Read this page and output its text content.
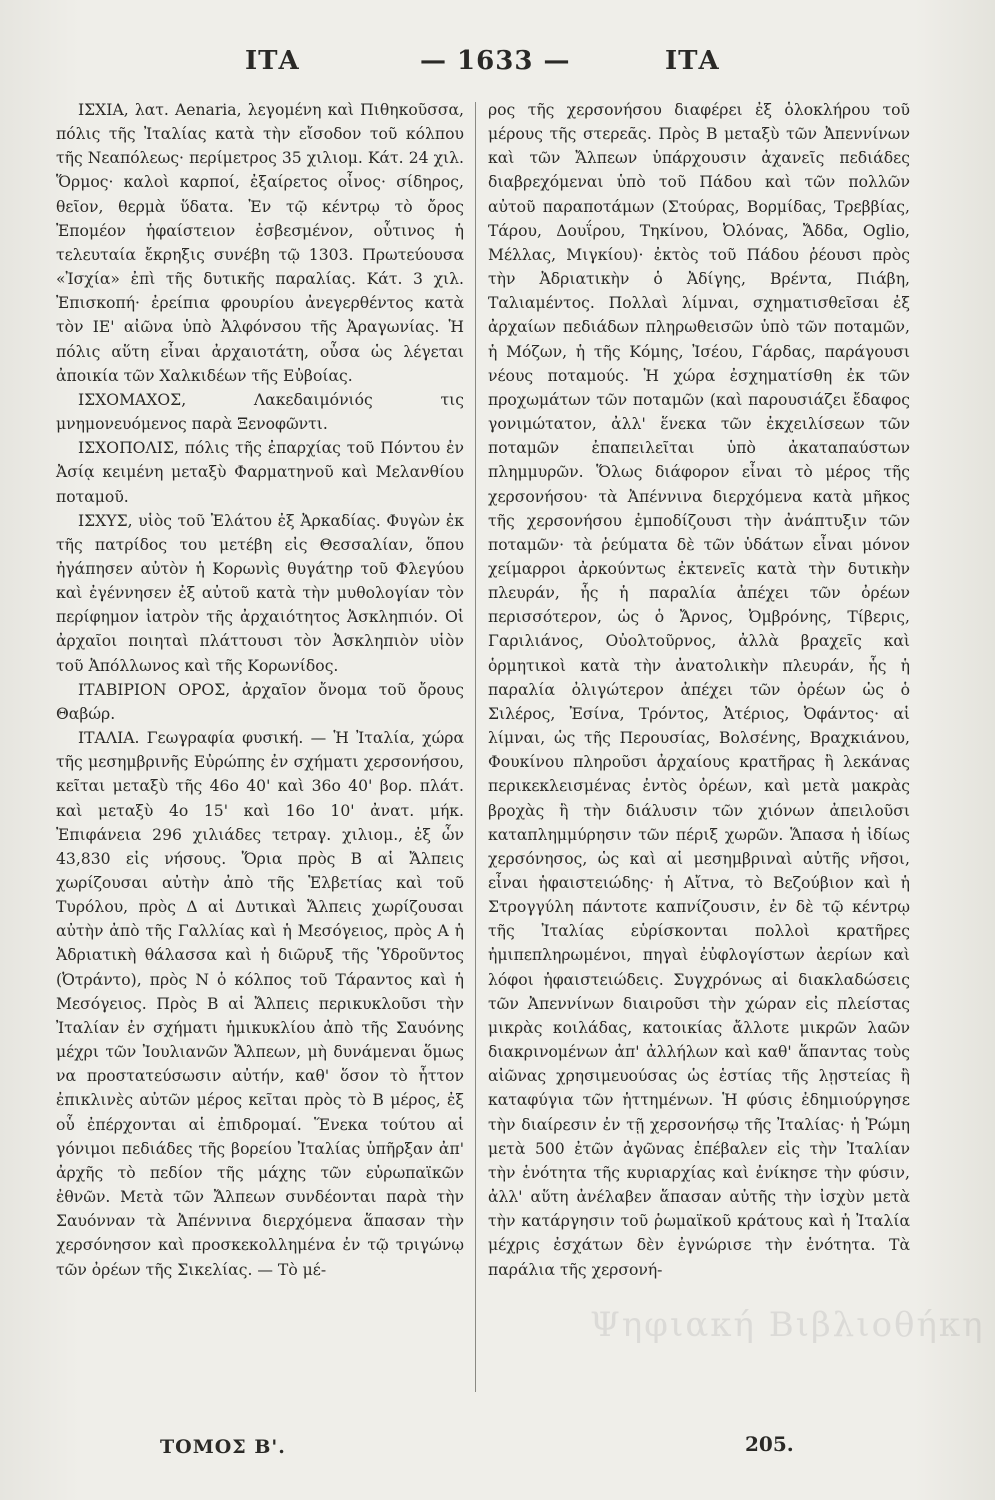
ΙΤΑ	— 1633 —	ΙΤΑ

ΙΣΧΙΑ, λατ. Aenaria, λεγομένη καὶ Πιθηκοῦσσα, πόλις τῆς Ἰταλίας κατὰ τὴν εἴσοδον τοῦ κόλπου τῆς Νεαπόλεως· περίμετρος 35 χιλιομ. Κάτ. 24 χιλ. Ὅρμος· καλοὶ καρποί, ἐξαίρετος οἶνος· σίδηρος, θεῖον, θερμὰ ὕδατα. Ἐν τῷ κέντρῳ τὸ ὄρος Ἐπομέον ἡφαίστειον ἐσβεσμένον, οὗτινος ἡ τελευταία ἔκρηξις συνέβη τῷ 1303. Πρωτεύουσα «Ἰσχία» ἐπὶ τῆς δυτικῆς παραλίας. Κάτ. 3 χιλ. Ἐπισκοπή· ἐρείπια φρουρίου ἀνεγερθέντος κατὰ τὸν ΙΕ' αἰῶνα ὑπὸ Ἀλφόνσου τῆς Ἀραγωνίας. Ἡ πόλις αὕτη εἶναι ἀρχαιοτάτη, οὖσα ὡς λέγεται ἀποικία τῶν Χαλκιδέων τῆς Εὐβοίας.

ΙΣΧΟΜΑΧΟΣ, Λακεδαιμόνιός τις μνημονευόμενος παρὰ Ξενοφῶντι.

ΙΣΧΟΠΟΛΙΣ, πόλις τῆς ἐπαρχίας τοῦ Πόντου ἐν Ἀσίᾳ κειμένη μεταξὺ Φαρματηνοῦ καὶ Μελανθίου ποταμοῦ.

ΙΣΧΥΣ, υἱὸς τοῦ Ἐλάτου ἐξ Ἀρκαδίας. Φυγὼν ἐκ τῆς πατρίδος του μετέβη εἰς Θεσσαλίαν, ὅπου ἠγάπησεν αὐτὸν ἡ Κορωνὶς θυγάτηρ τοῦ Φλεγύου καὶ ἐγέννησεν ἐξ αὐτοῦ κατὰ τὴν μυθολογίαν τὸν περίφημον ἰατρὸν τῆς ἀρχαιότητος Ἀσκληπιόν. Οἱ ἀρχαῖοι ποιηταὶ πλάττουσι τὸν Ἀσκληπιὸν υἱὸν τοῦ Ἀπόλλωνος καὶ τῆς Κορωνίδος.

ΙΤΑΒΙΡΙΟΝ ΟΡΟΣ, ἀρχαῖον ὄνομα τοῦ ὄρους Θαβώρ.

ΙΤΑΛΙΑ. Γεωγραφία φυσική. — Ἡ Ἰταλία, χώρα τῆς μεσημβρινῆς Εὐρώπης ἐν σχήματι χερσονήσου, κεῖται μεταξὺ τῆς 46ο 40' καὶ 36ο 40' βορ. πλάτ. καὶ μεταξὺ 4ο 15' καὶ 16ο 10' ἀνατ. μήκ. Ἐπιφάνεια 296 χιλιάδες τετραγ. χιλιομ., ἐξ ὧν 43,830 εἰς νήσους. Ὅρια πρὸς Β αἱ Ἄλπεις χωρίζουσαι αὐτὴν ἀπὸ τῆς Ἑλβετίας καὶ τοῦ Τυρόλου, πρὸς Δ αἱ Δυτικαὶ Ἄλπεις χωρίζουσαι αὐτὴν ἀπὸ τῆς Γαλλίας καὶ ἡ Μεσόγειος, πρὸς Α ἡ Ἀδριατικὴ θάλασσα καὶ ἡ διῶρυξ τῆς Ὑδροῦντος (Ὀτράντο), πρὸς Ν ὁ κόλπος τοῦ Τάραντος καὶ ἡ Μεσόγειος. Πρὸς Β αἱ Ἄλπεις περικυκλοῦσι τὴν Ἰταλίαν ἐν σχήματι ἡμικυκλίου ἀπὸ τῆς Σαυόνης μέχρι τῶν Ἰουλιανῶν Ἄλπεων, μὴ δυνάμεναι ὅμως να προστατεύσωσιν αὐτήν, καθ' ὅσον τὸ ἧττον ἐπικλινὲς αὐτῶν μέρος κεῖται πρὸς τὸ Β μέρος, ἐξ οὗ ἐπέρχονται αἱ ἐπιδρομαί. Ἕνεκα τούτου αἱ γόνιμοι πεδιάδες τῆς βορείου Ἰταλίας ὑπῆρξαν ἀπ' ἀρχῆς τὸ πεδίον τῆς μάχης τῶν εὐρωπαϊκῶν ἐθνῶν. Μετὰ τῶν Ἄλπεων συνδέονται παρὰ τὴν Σαυόνναν τὰ Ἀπέννινα διερχόμενα ἅπασαν τὴν χερσόνησον καὶ προσκεκολλημένα ἐν τῷ τριγώνῳ τῶν ὀρέων τῆς Σικελίας. — Τὸ μέ-

ρος τῆς χερσονήσου διαφέρει ἐξ ὁλοκλήρου τοῦ μέρους τῆς στερεᾶς. Πρὸς Β μεταξὺ τῶν Ἀπεννίνων καὶ τῶν Ἄλπεων ὑπάρχουσιν ἀχανεῖς πεδιάδες διαβρεχόμεναι ὑπὸ τοῦ Πάδου καὶ τῶν πολλῶν αὐτοῦ παραποτάμων (Στούρας, Βορμίδας, Τρεββίας, Τάρου, Δουΐρου, Τηκίνου, Ὀλόνας, Ἄδδα, Oglio, Μέλλας, Μιγκίου)· ἐκτὸς τοῦ Πάδου ῥέουσι πρὸς τὴν Ἀδριατικὴν ὁ Ἀδίγης, Βρέντα, Πιάβη, Ταλιαμέντος. Πολλαὶ λίμναι, σχηματισθεῖσαι ἐξ ἀρχαίων πεδιάδων πληρωθεισῶν ὑπὸ τῶν ποταμῶν, ἡ Μόζων, ἡ τῆς Κόμης, Ἰσέου, Γάρδας, παράγουσι νέους ποταμούς. Ἡ χώρα ἐσχηματίσθη ἐκ τῶν προχωμάτων τῶν ποταμῶν (καὶ παρουσιάζει ἔδαφος γονιμώτατον, ἀλλ' ἕνεκα τῶν ἐκχειλίσεων τῶν ποταμῶν ἐπαπειλεῖται ὑπὸ ἀκαταπαύστων πλημμυρῶν. Ὅλως διάφορον εἶναι τὸ μέρος τῆς χερσονήσου· τὰ Ἀπέννινα διερχόμενα κατὰ μῆκος τῆς χερσονήσου ἐμποδίζουσι τὴν ἀνάπτυξιν τῶν ποταμῶν· τὰ ῥεύματα δὲ τῶν ὑδάτων εἶναι μόνον χείμαρροι ἀρκούντως ἐκτενεῖς κατὰ τὴν δυτικὴν πλευράν, ἧς ἡ παραλία ἀπέχει τῶν ὀρέων περισσότερον, ὡς ὁ Ἄρνος, Ὀμβρόνης, Τίβερις, Γαριλιάνος, Οὐολτοῦρνος, ἀλλὰ βραχεῖς καὶ ὁρμητικοὶ κατὰ τὴν ἀνατολικὴν πλευράν, ἧς ἡ παραλία ὀλιγώτερον ἀπέχει τῶν ὀρέων ὡς ὁ Σιλέρος, Ἐσίνα, Τρόντος, Ἀτέριος, Ὀφάντος· αἱ λίμναι, ὡς τῆς Περουσίας, Βολσένης, Βραχκιάνου, Φουκίνου πληροῦσι ἀρχαίους κρατῆρας ἢ λεκάνας περικεκλεισμένας ἐντὸς ὀρέων, καὶ μετὰ μακρὰς βροχὰς ἢ τὴν διάλυσιν τῶν χιόνων ἀπειλοῦσι καταπλημμύρησιν τῶν πέριξ χωρῶν. Ἅπασα ἡ ἰδίως χερσόνησος, ὡς καὶ αἱ μεσημβριναὶ αὐτῆς νῆσοι, εἶναι ἡφαιστειώδης· ἡ Αἴτνα, τὸ Βεζούβιον καὶ ἡ Στρογγύλη πάντοτε καπνίζουσιν, ἐν δὲ τῷ κέντρῳ τῆς Ἰταλίας εὑρίσκονται πολλοὶ κρατῆρες ἠμιπεπληρωμένοι, πηγαὶ ἐὐφλογίστων ἀερίων καὶ λόφοι ἡφαιστειώδεις. Συγχρόνως αἱ διακλαδώσεις τῶν Ἀπεννίνων διαιροῦσι τὴν χώραν εἰς πλείστας μικρὰς κοιλάδας, κατοικίας ἄλλοτε μικρῶν λαῶν διακρινομένων ἀπ' ἀλλήλων καὶ καθ' ἅπαντας τοὺς αἰῶνας χρησιμευούσας ὡς ἑστίας τῆς λῃστείας ἢ καταφύγια τῶν ἡττημένων. Ἡ φύσις ἐδημιούργησε τὴν διαίρεσιν ἐν τῇ χερσονήσῳ τῆς Ἰταλίας· ἡ Ῥώμη μετὰ 500 ἐτῶν ἀγῶνας ἐπέβαλεν εἰς τὴν Ἰταλίαν τὴν ἑνότητα τῆς κυριαρχίας καὶ ἐνίκησε τὴν φύσιν, ἀλλ' αὕτη ἀνέλαβεν ἅπασαν αὐτῆς τὴν ἰσχὺν μετὰ τὴν κατάργησιν τοῦ ῥωμαϊκοῦ κράτους καὶ ἡ Ἰταλία μέχρις ἐσχάτων δὲν ἐγνώρισε τὴν ἑνότητα. Τὰ παράλια τῆς χερσονή-

Ψηφιακή Βιβλιοθήκη
ΤΟΜΟΣ Β'.	205.
